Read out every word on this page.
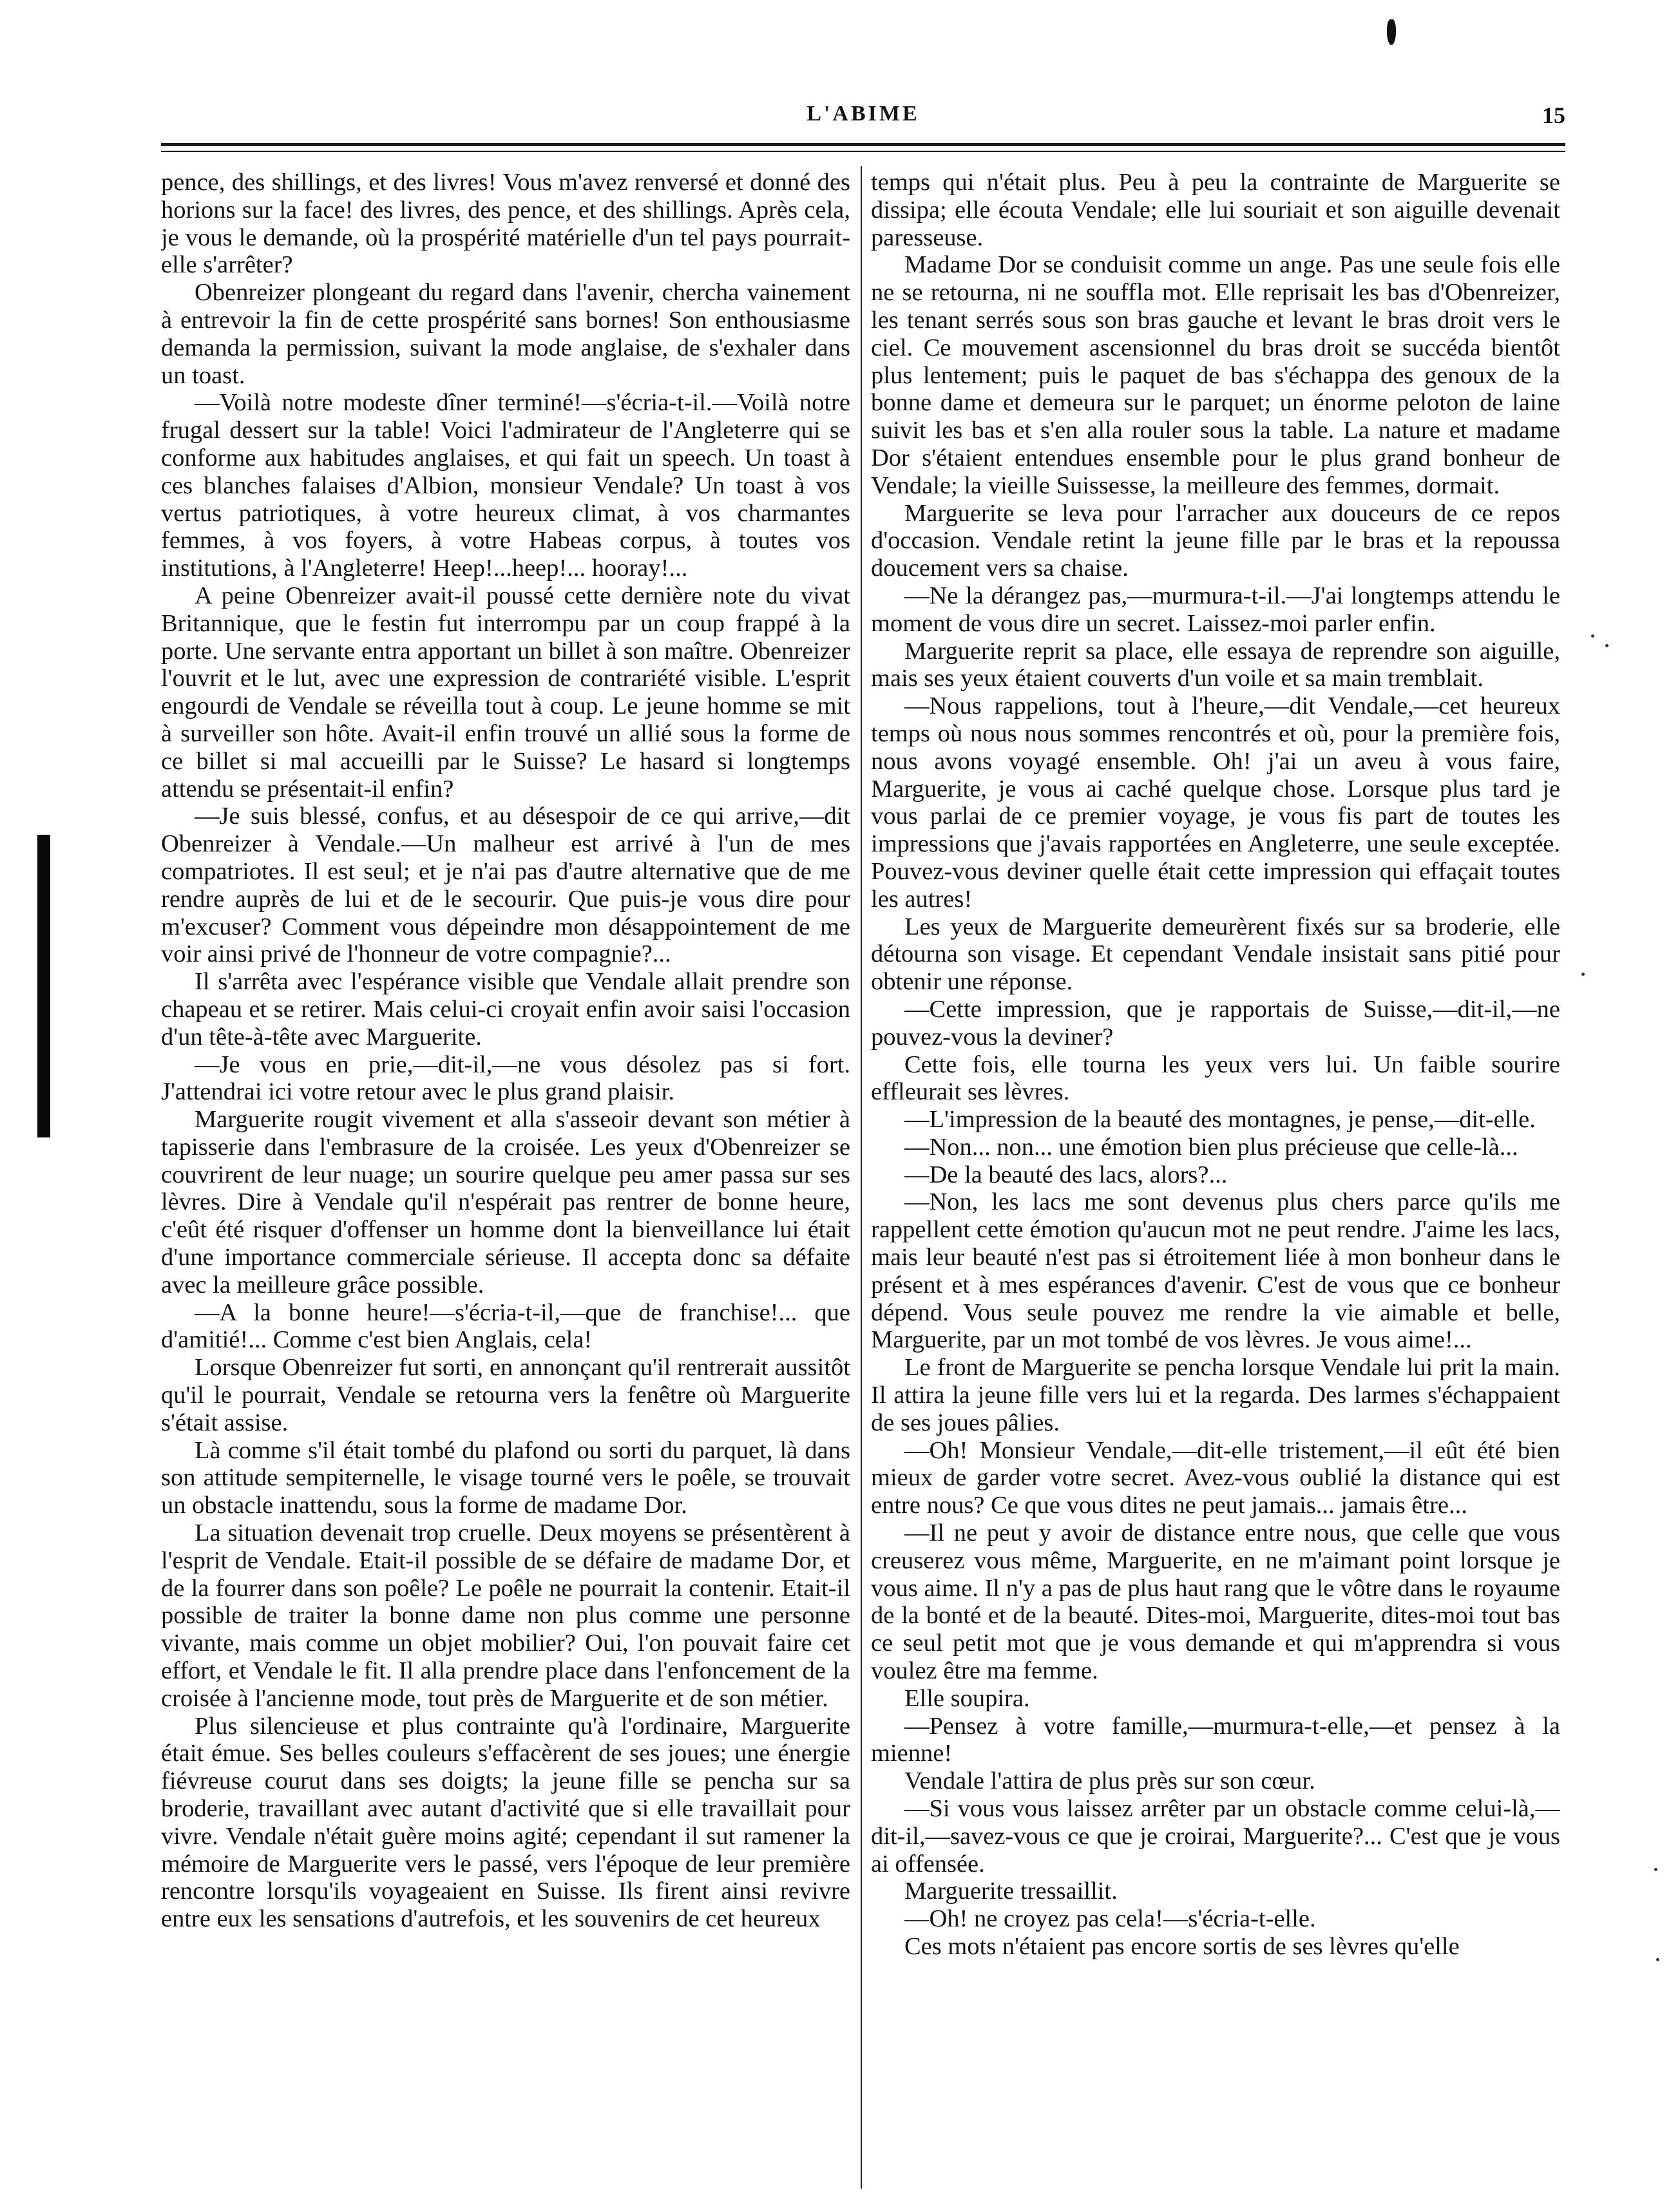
L'ABIME	15

pence, des shillings, et des livres! Vous m'avez renversé et donné des horions sur la face! des livres, des pence, et des shillings. Après cela, je vous le demande, où la prospérité matérielle d'un tel pays pourrait-elle s'arrêter?

Obenreizer plongeant du regard dans l'avenir, chercha vainement à entrevoir la fin de cette prospérité sans bornes! Son enthousiasme demanda la permission, suivant la mode anglaise, de s'exhaler dans un toast.

—Voilà notre modeste dîner terminé!—s'écria-t-il.—Voilà notre frugal dessert sur la table! Voici l'admirateur de l'Angleterre qui se conforme aux habitudes anglaises, et qui fait un speech. Un toast à ces blanches falaises d'Albion, monsieur Vendale? Un toast à vos vertus patriotiques, à votre heureux climat, à vos charmantes femmes, à vos foyers, à votre Habeas corpus, à toutes vos institutions, à l'Angleterre! Heep!...heep!... hooray!...

A peine Obenreizer avait-il poussé cette dernière note du vivat Britannique, que le festin fut interrompu par un coup frappé à la porte. Une servante entra apportant un billet à son maître. Obenreizer l'ouvrit et le lut, avec une expression de contrariété visible. L'esprit engourdi de Vendale se réveilla tout à coup. Le jeune homme se mit à surveiller son hôte. Avait-il enfin trouvé un allié sous la forme de ce billet si mal accueilli par le Suisse? Le hasard si longtemps attendu se présentait-il enfin?

—Je suis blessé, confus, et au désespoir de ce qui arrive,—dit Obenreizer à Vendale.—Un malheur est arrivé à l'un de mes compatriotes. Il est seul; et je n'ai pas d'autre alternative que de me rendre auprès de lui et de le secourir. Que puis-je vous dire pour m'excuser? Comment vous dépeindre mon désappointement de me voir ainsi privé de l'honneur de votre compagnie?...

Il s'arrêta avec l'espérance visible que Vendale allait prendre son chapeau et se retirer. Mais celui-ci croyait enfin avoir saisi l'occasion d'un tête-à-tête avec Marguerite.

—Je vous en prie,—dit-il,—ne vous désolez pas si fort. J'attendrai ici votre retour avec le plus grand plaisir.

Marguerite rougit vivement et alla s'asseoir devant son métier à tapisserie dans l'embrasure de la croisée. Les yeux d'Obenreizer se couvrirent de leur nuage; un sourire quelque peu amer passa sur ses lèvres. Dire à Vendale qu'il n'espérait pas rentrer de bonne heure, c'eût été risquer d'offenser un homme dont la bienveillance lui était d'une importance commerciale sérieuse. Il accepta donc sa défaite avec la meilleure grâce possible.

—A la bonne heure!—s'écria-t-il,—que de franchise!... que d'amitié!... Comme c'est bien Anglais, cela!

Lorsque Obenreizer fut sorti, en annonçant qu'il rentrerait aussitôt qu'il le pourrait, Vendale se retourna vers la fenêtre où Marguerite s'était assise.

Là comme s'il était tombé du plafond ou sorti du parquet, là dans son attitude sempiternelle, le visage tourné vers le poêle, se trouvait un obstacle inattendu, sous la forme de madame Dor.

La situation devenait trop cruelle. Deux moyens se présentèrent à l'esprit de Vendale. Etait-il possible de se défaire de madame Dor, et de la fourrer dans son poêle? Le poêle ne pourrait la contenir. Etait-il possible de traiter la bonne dame non plus comme une personne vivante, mais comme un objet mobilier? Oui, l'on pouvait faire cet effort, et Vendale le fit. Il alla prendre place dans l'enfoncement de la croisée à l'ancienne mode, tout près de Marguerite et de son métier.

Plus silencieuse et plus contrainte qu'à l'ordinaire, Marguerite était émue. Ses belles couleurs s'effacèrent de ses joues; une énergie fiévreuse courut dans ses doigts; la jeune fille se pencha sur sa broderie, travaillant avec autant d'activité que si elle travaillait pour vivre. Vendale n'était guère moins agité; cependant il sut ramener la mémoire de Marguerite vers le passé, vers l'époque de leur première rencontre lorsqu'ils voyageaient en Suisse. Ils firent ainsi revivre entre eux les sensations d'autrefois, et les souvenirs de cet heureux

temps qui n'était plus. Peu à peu la contrainte de Marguerite se dissipa; elle écouta Vendale; elle lui souriait et son aiguille devenait paresseuse.

Madame Dor se conduisit comme un ange. Pas une seule fois elle ne se retourna, ni ne souffla mot. Elle reprisait les bas d'Obenreizer, les tenant serrés sous son bras gauche et levant le bras droit vers le ciel. Ce mouvement ascensionnel du bras droit se succéda bientôt plus lentement; puis le paquet de bas s'échappa des genoux de la bonne dame et demeura sur le parquet; un énorme peloton de laine suivit les bas et s'en alla rouler sous la table. La nature et madame Dor s'étaient entendues ensemble pour le plus grand bonheur de Vendale; la vieille Suissesse, la meilleure des femmes, dormait.

Marguerite se leva pour l'arracher aux douceurs de ce repos d'occasion. Vendale retint la jeune fille par le bras et la repoussa doucement vers sa chaise.

—Ne la dérangez pas,—murmura-t-il.—J'ai longtemps attendu le moment de vous dire un secret. Laissez-moi parler enfin.

Marguerite reprit sa place, elle essaya de reprendre son aiguille, mais ses yeux étaient couverts d'un voile et sa main tremblait.

—Nous rappelions, tout à l'heure,—dit Vendale,—cet heureux temps où nous nous sommes rencontrés et où, pour la première fois, nous avons voyagé ensemble. Oh! j'ai un aveu à vous faire, Marguerite, je vous ai caché quelque chose. Lorsque plus tard je vous parlai de ce premier voyage, je vous fis part de toutes les impressions que j'avais rapportées en Angleterre, une seule exceptée. Pouvez-vous deviner quelle était cette impression qui effaçait toutes les autres!

Les yeux de Marguerite demeurèrent fixés sur sa broderie, elle détourna son visage. Et cependant Vendale insistait sans pitié pour obtenir une réponse.

—Cette impression, que je rapportais de Suisse,—dit-il,—ne pouvez-vous la deviner?

Cette fois, elle tourna les yeux vers lui. Un faible sourire effleurait ses lèvres.

—L'impression de la beauté des montagnes, je pense,—dit-elle.

—Non... non... une émotion bien plus précieuse que celle-là...

—De la beauté des lacs, alors?...

—Non, les lacs me sont devenus plus chers parce qu'ils me rappellent cette émotion qu'aucun mot ne peut rendre. J'aime les lacs, mais leur beauté n'est pas si étroitement liée à mon bonheur dans le présent et à mes espérances d'avenir. C'est de vous que ce bonheur dépend. Vous seule pouvez me rendre la vie aimable et belle, Marguerite, par un mot tombé de vos lèvres. Je vous aime!...

Le front de Marguerite se pencha lorsque Vendale lui prit la main. Il attira la jeune fille vers lui et la regarda. Des larmes s'échappaient de ses joues pâlies.

—Oh! Monsieur Vendale,—dit-elle tristement,—il eût été bien mieux de garder votre secret. Avez-vous oublié la distance qui est entre nous? Ce que vous dites ne peut jamais... jamais être...

—Il ne peut y avoir de distance entre nous, que celle que vous creuserez vous même, Marguerite, en ne m'aimant point lorsque je vous aime. Il n'y a pas de plus haut rang que le vôtre dans le royaume de la bonté et de la beauté. Dites-moi, Marguerite, dites-moi tout bas ce seul petit mot que je vous demande et qui m'apprendra si vous voulez être ma femme.

Elle soupira.

—Pensez à votre famille,—murmura-t-elle,—et pensez à la mienne!

Vendale l'attira de plus près sur son cœur.

—Si vous vous laissez arrêter par un obstacle comme celui-là,—dit-il,—savez-vous ce que je croirai, Marguerite?... C'est que je vous ai offensée.

Marguerite tressaillit.

—Oh! ne croyez pas cela!—s'écria-t-elle.

Ces mots n'étaient pas encore sortis de ses lèvres qu'elle
